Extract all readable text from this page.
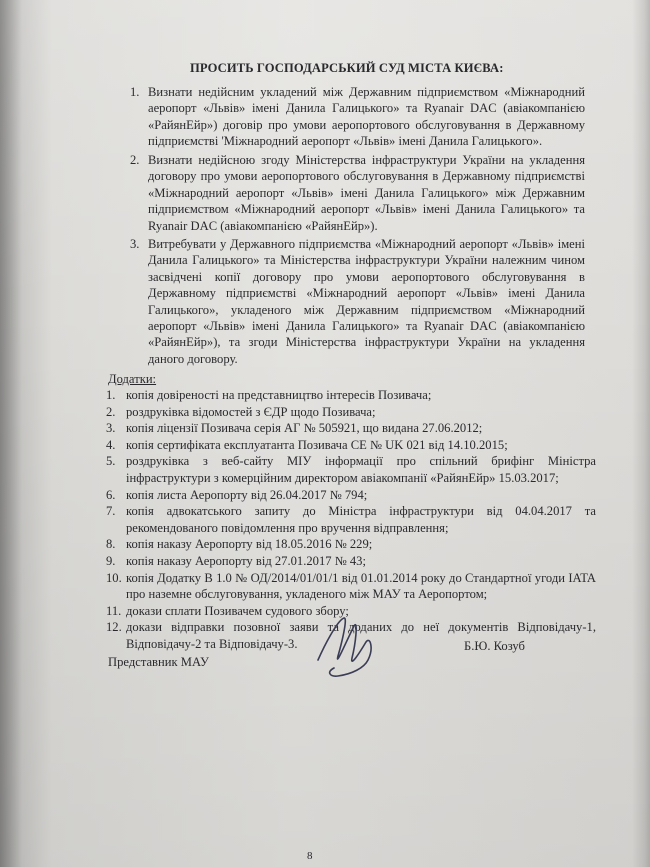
ПРОСИТЬ ГОСПОДАРСЬКИЙ СУД МІСТА КИЄВА:
1. Визнати недійсним укладений між Державним підприємством «Міжнародний аеропорт «Львів» імені Данила Галицького» та Ryanair DAC (авіакомпанією «РайянЕйр») договір про умови аеропортового обслуговування в Державному підприємстві 'Міжнародний аеропорт «Львів» імені Данила Галицького».
2. Визнати недійсною згоду Міністерства інфраструктури України на укладення договору про умови аеропортового обслуговування в Державному підприємстві «Міжнародний аеропорт «Львів» імені Данила Галицького» між Державним підприємством «Міжнародний аеропорт «Львів» імені Данила Галицького» та Ryanair DAC (авіакомпанією «РайянЕйр»).
3. Витребувати у Державного підприємства «Міжнародний аеропорт «Львів» імені Данила Галицького» та Міністерства інфраструктури України належним чином засвідчені копії договору про умови аеропортового обслуговування в Державному підприємстві «Міжнародний аеропорт «Львів» імені Данила Галицького», укладеного між Державним підприємством «Міжнародний аеропорт «Львів» імені Данила Галицького» та Ryanair DAC (авіакомпанією «РайянЕйр»), та згоди Міністерства інфраструктури України на укладення даного договору.
Додатки:
1. копія довіреності на представництво інтересів Позивача;
2. роздруківка відомостей з ЄДР щодо Позивача;
3. копія ліцензії Позивача серія АГ № 505921, що видана 27.06.2012;
4. копія сертифіката експлуатанта Позивача CE № UK 021 від 14.10.2015;
5. роздруківка з веб-сайту МІУ інформації про спільний брифінг Міністра інфраструктури з комерційним директором авіакомпанії «РайянЕйр» 15.03.2017;
6. копія листа Аеропорту від 26.04.2017 № 794;
7. копія адвокатського запиту до Міністра інфраструктури від 04.04.2017 та рекомендованого повідомлення про вручення відправлення;
8. копія наказу Аеропорту від 18.05.2016 № 229;
9. копія наказу Аеропорту від 27.01.2017 № 43;
10. копія Додатку B 1.0 № ОД/2014/01/01/1 від 01.01.2014 року до Стандартної угоди IATA про наземне обслуговування, укладеного між МАУ та Аеропортом;
11. докази сплати Позивачем судового збору;
12. докази відправки позовної заяви та доданих до неї документів Відповідачу-1, Відповідачу-2 та Відповідачу-3.
Представник МАУ
Б.Ю. Козуб
8
